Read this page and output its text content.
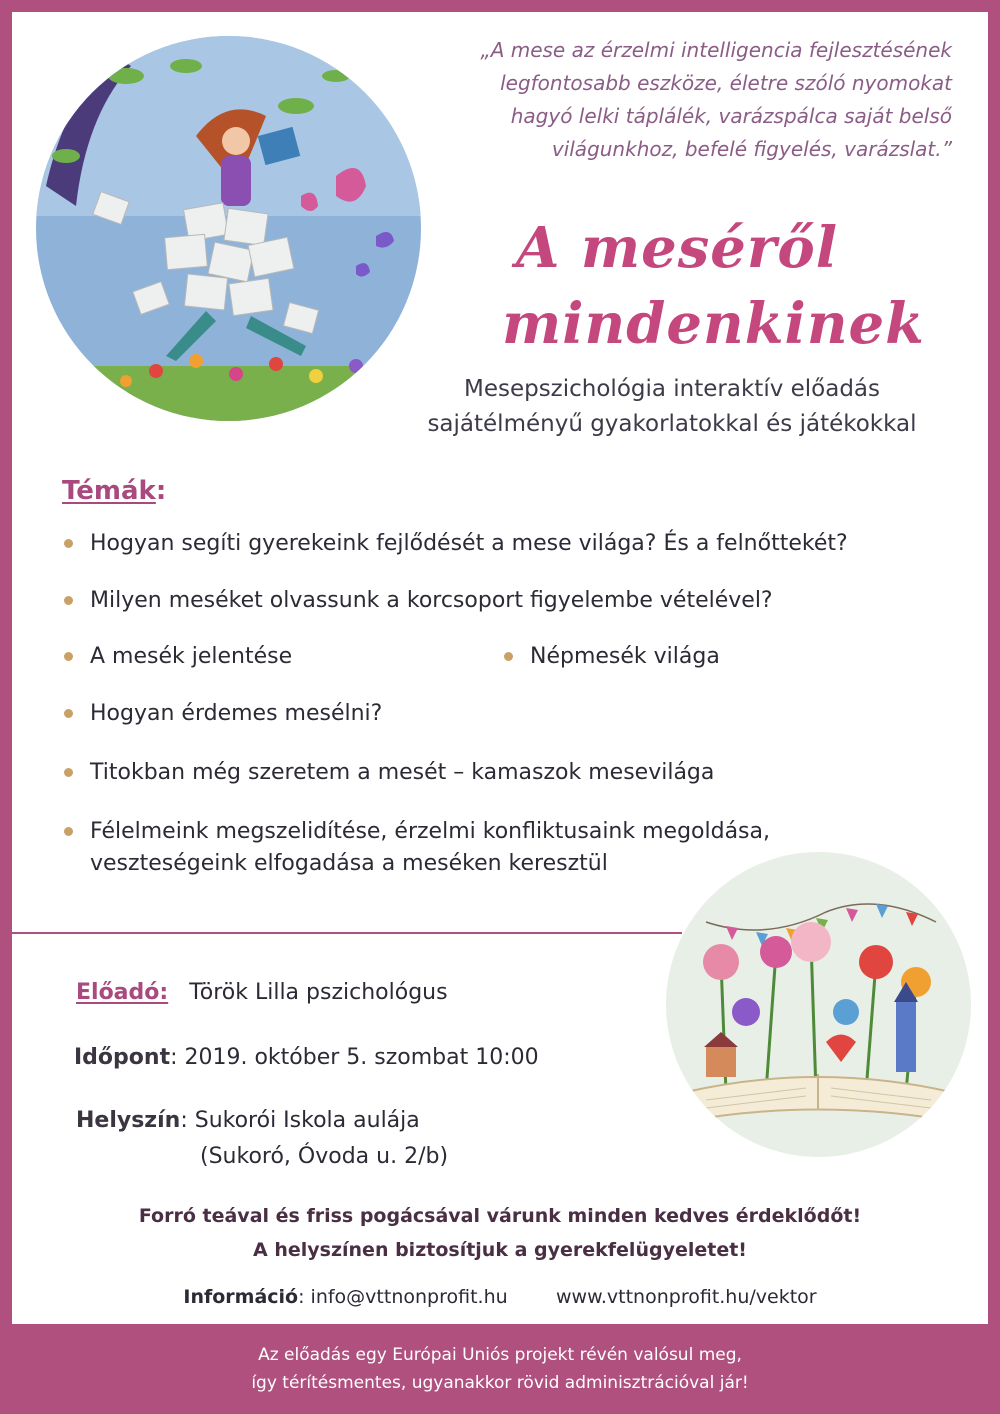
„A mese az érzelmi intelligencia fejlesztésének
legfontosabb eszköze, életre szóló nyomokat
hagyó lelki táplálék, varázspálca saját belső
világunkhoz, befelé figyelés, varázslat.”
A meséről
mindenkinek
Mesepszichológia interaktív előadás
sajátélményű gyakorlatokkal és játékokkal
Témák:
Hogyan segíti gyerekeink fejlődését a mese világa? És a felnőttekét?
Milyen meséket olvassunk a korcsoport figyelembe vételével?
A mesék jelentése	Népmesék világa
Hogyan érdemes mesélni?
Titokban még szeretem a mesét – kamaszok mesevilága
Félelmeink megszelidítése, érzelmi konfliktusaink megoldása,
veszteségeink elfogadása a meséken keresztül
Előadó: Török Lilla pszichológus
Időpont: 2019. október 5. szombat 10:00
Helyszín: Sukorói Iskola aulája
(Sukoró, Óvoda u. 2/b)
Forró teával és friss pogácsával várunk minden kedves érdeklődőt!
A helyszínen biztosítjuk a gyerekfelügyeletet!
Információ: info@vttnonprofit.hu	www.vttnonprofit.hu/vektor
Az előadás egy Európai Uniós projekt révén valósul meg,
így térítésmentes, ugyanakkor rövid adminisztrációval jár!
